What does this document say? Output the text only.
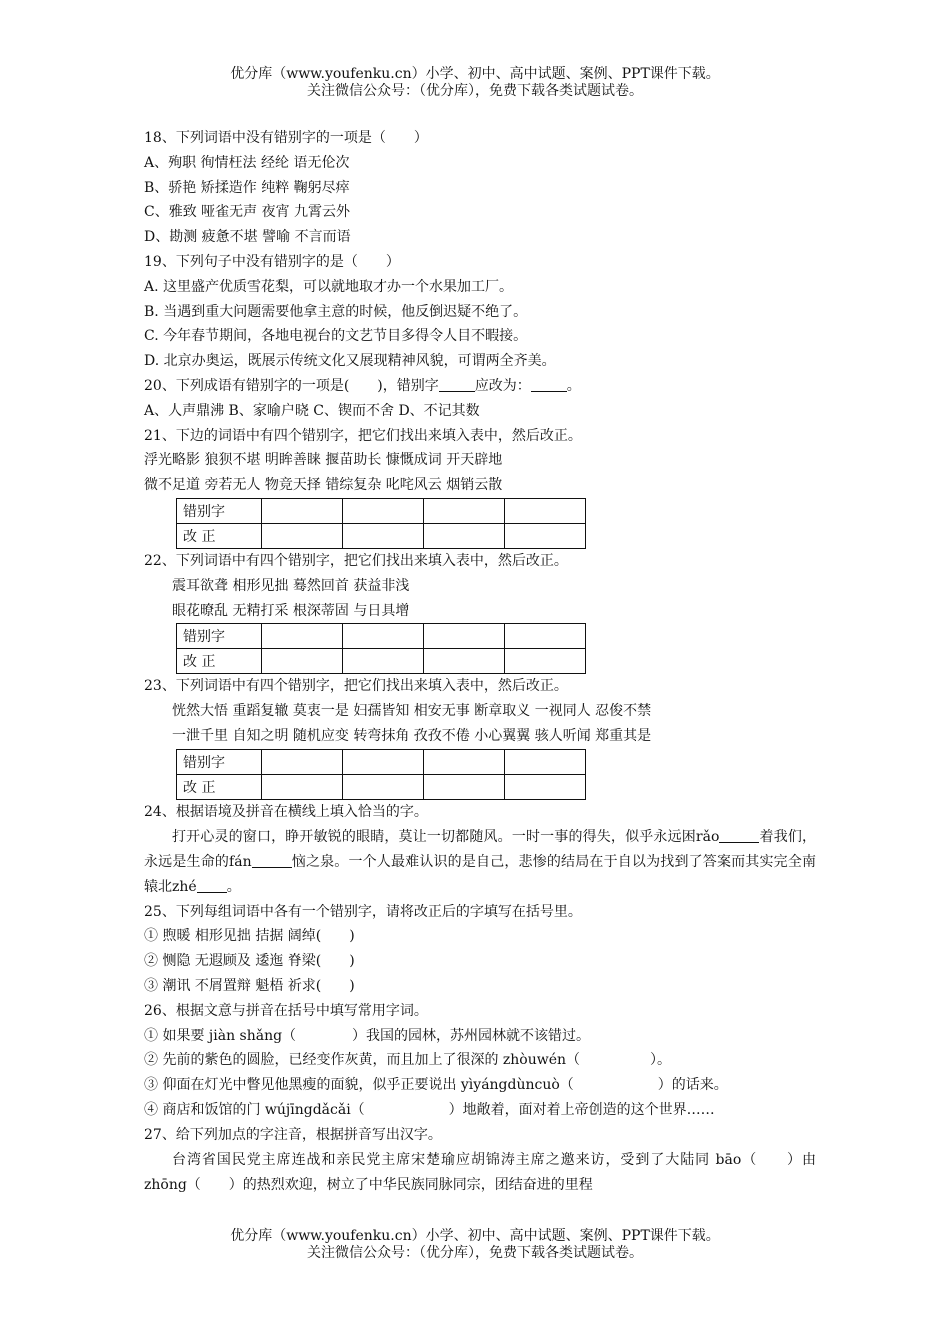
优分库（www.youfenku.cn）小学、初中、高中试题、案例、PPT课件下载。
关注微信公众号：（优分库），免费下载各类试题试卷。
18、下列词语中没有错别字的一项是（　　）
A、殉职 徇情枉法 经纶 语无伦次
B、骄艳 矫揉造作 纯粹 鞠躬尽瘁
C、雅致 哑雀无声 夜宵 九霄云外
D、勘测 疲惫不堪 譬喻 不言而语
19、下列句子中没有错别字的是（　　）
A. 这里盛产优质雪花梨，可以就地取才办一个水果加工厂。
B. 当遇到重大问题需要他拿主意的时候，他反倒迟疑不绝了。
C. 今年春节期间，各地电视台的文艺节目多得令人目不暇接。
D. 北京办奥运，既展示传统文化又展现精神风貌，可谓两全齐美。
20、下列成语有错别字的一项是(　　)，错别字	应改为：	。
A、人声鼎沸 B、家喻户晓 C、锲而不舍 D、不记其数
21、下边的词语中有四个错别字，把它们找出来填入表中，然后改正。
浮光略影 狼狈不堪 明眸善睐 揠苗助长 慷慨成词 开天辟地
微不足道 旁若无人 物竞天择 错综复杂 叱咤风云 烟销云散
错别字				
改 正				
22、下列词语中有四个错别字，把它们找出来填入表中，然后改正。
震耳欲聋 相形见拙 蓦然回首 获益非浅
眼花暸乱 无精打采 根深蒂固 与日具增
错别字				
改 正				
23、下列词语中有四个错别字，把它们找出来填入表中，然后改正。
恍然大悟 重蹈复辙 莫衷一是 妇孺皆知 相安无事 断章取义 一视同人 忍俊不禁
一泄千里 自知之明 随机应变 转弯抹角 孜孜不倦 小心翼翼 骇人听闻 郑重其是
错别字				
改 正				
24、根据语境及拼音在横线上填入恰当的字。
打开心灵的窗口，睁开敏锐的眼睛，莫让一切都随风。一时一事的得失，似乎永远困rǎo	着我们，永远是生命的fán	恼之泉。一个人最难认识的是自己，悲惨的结局在于自以为找到了答案而其实完全南辕北zhé 。
25、下列每组词语中各有一个错别字，请将改正后的字填写在括号里。
① 煦暖 相形见拙 拮据 阔绰(　　)
② 恻隐 无遐顾及 逶迤 脊梁(　　)
③ 潮讯 不屑置辩 魁梧 祈求(　　)
26、根据文意与拼音在括号中填写常用字词。
① 如果要 jiàn shǎng（　　　　）我国的园林，苏州园林就不该错过。
② 先前的紫色的圆脸，已经变作灰黄，而且加上了很深的 zhòuwén（　　　　　）。
③ 仰面在灯光中瞥见他黑瘦的面貌，似乎正要说出 yìyángdùncuò（　　　　　　）的话来。
④ 商店和饭馆的门 wújīngdǎcǎi（　　　　　　）地敞着，面对着上帝创造的这个世界……
27、给下列加点的字注音，根据拼音写出汉字。
台湾省国民党主席连战和亲民党主席宋楚瑜应胡锦涛主席之邀来访，受到了大陆同 bāo（　　）由 zhōng（　　）的热烈欢迎，树立了中华民族同脉同宗，团结奋进的里程
优分库（www.youfenku.cn）小学、初中、高中试题、案例、PPT课件下载。
关注微信公众号：（优分库），免费下载各类试题试卷。
